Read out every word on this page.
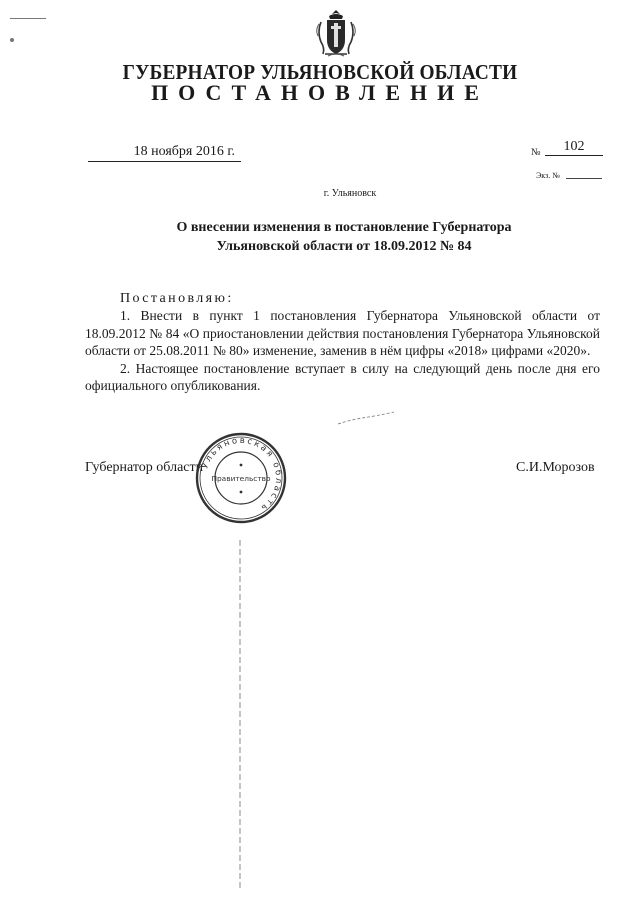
ГУБЕРНАТОР УЛЬЯНОВСКОЙ ОБЛАСТИ
ПОСТАНОВЛЕНИЕ
18 ноября 2016 г.	№	102
Экз. №
г. Ульяновск
О внесении изменения в постановление Губернатора
Ульяновской области от 18.09.2012 № 84

Постановляю:

1. Внести в пункт 1 постановления Губернатора Ульяновской области от 18.09.2012 № 84 «О приостановлении действия постановления Губернатора Ульяновской области от 25.08.2011 № 80» изменение, заменив в нём цифры «2018» цифрами «2020».

2. Настоящее постановление вступает в силу на следующий день после дня его официального опубликования.

Губернатор области	С.И.Морозов
Ульяновская область
Правительство
